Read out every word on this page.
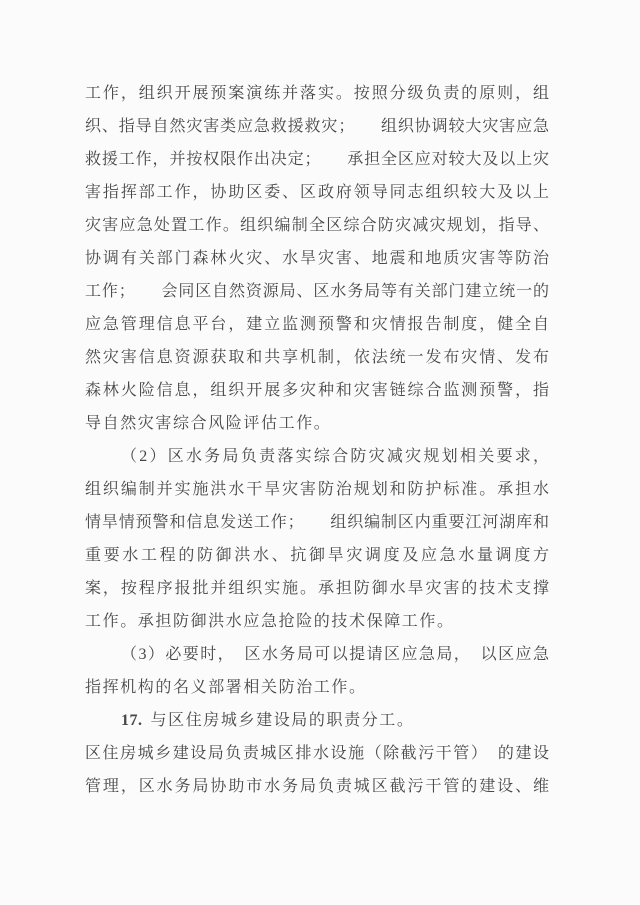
工作，组织开展预案演练并落实。按照分级负责的原则，组
织、指导自然灾害类应急救援救灾；　　组织协调较大灾害应急
救援工作，并按权限作出决定；　　承担全区应对较大及以上灾
害指挥部工作，协助区委、区政府领导同志组织较大及以上
灾害应急处置工作。组织编制全区综合防灾减灾规划，指导、
协调有关部门森林火灾、水旱灾害、地震和地质灾害等防治
工作；　　会同区自然资源局、区水务局等有关部门建立统一的
应急管理信息平台，建立监测预警和灾情报告制度，健全自
然灾害信息资源获取和共享机制，依法统一发布灾情、发布
森林火险信息，组织开展多灾种和灾害链综合监测预警，指
导自然灾害综合风险评估工作。
（2）区水务局负责落实综合防灾减灾规划相关要求，
组织编制并实施洪水干旱灾害防治规划和防护标准。承担水
情旱情预警和信息发送工作；　　组织编制区内重要江河湖库和
重要水工程的防御洪水、抗御旱灾调度及应急水量调度方
案，按程序报批并组织实施。承担防御水旱灾害的技术支撑
工作。承担防御洪水应急抢险的技术保障工作。
（3）必要时，　区水务局可以提请区应急局，　以区应急
指挥机构的名义部署相关防治工作。
17. 与区住房城乡建设局的职责分工。
区住房城乡建设局负责城区排水设施（除截污干管）　的建设
管理，区水务局协助市水务局负责城区截污干管的建设、维
